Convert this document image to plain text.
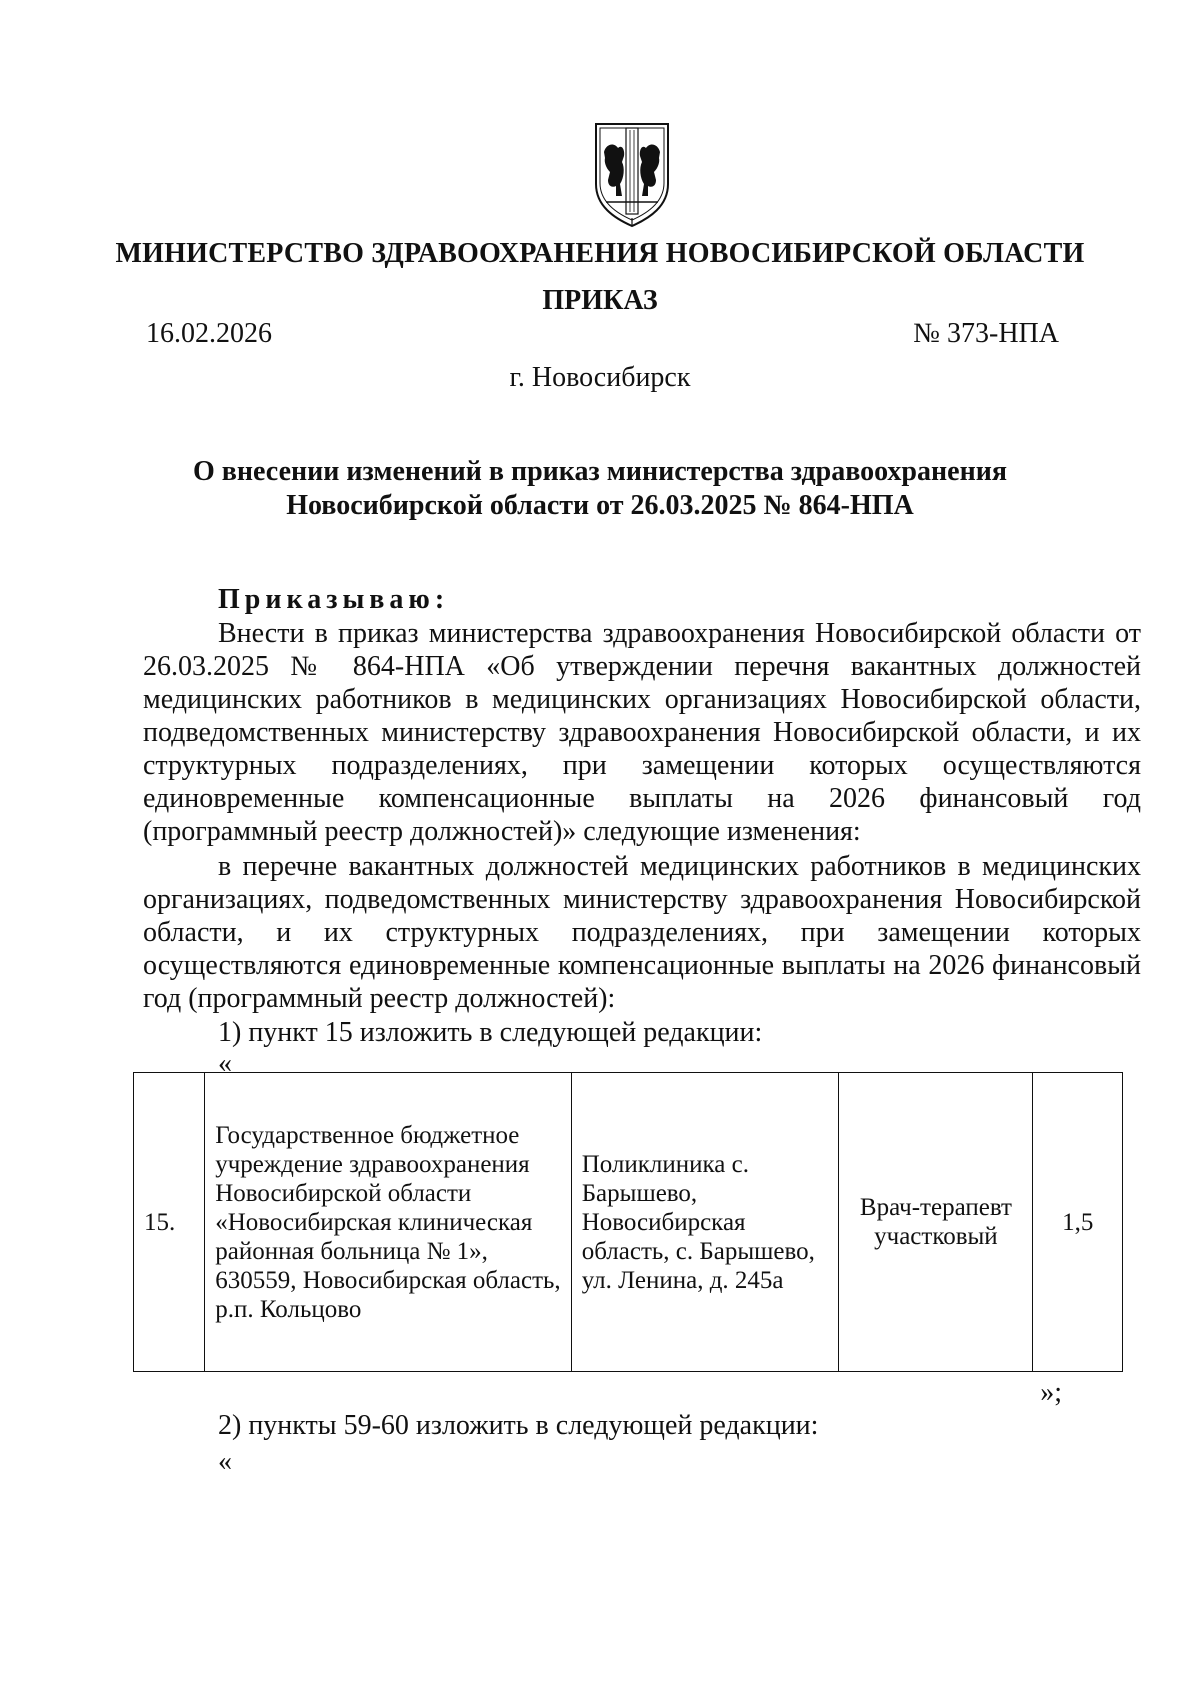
МИНИСТЕРСТВО ЗДРАВООХРАНЕНИЯ НОВОСИБИРСКОЙ ОБЛАСТИ
ПРИКАЗ
16.02.2026	№ 373-НПА
г. Новосибирск
О внесении изменений в приказ министерства здравоохранения
Новосибирской области от 26.03.2025 № 864-НПА
Приказываю:

Внести в приказ министерства здравоохранения Новосибирской области от 26.03.2025 № 864-НПА «Об утверждении перечня вакантных должностей медицинских работников в медицинских организациях Новосибирской области, подведомственных министерству здравоохранения Новосибирской области, и их структурных подразделениях, при замещении которых осуществляются единовременные компенсационные выплаты на 2026 финансовый год (программный реестр должностей)» следующие изменения:

в перечне вакантных должностей медицинских работников в медицинских организациях, подведомственных министерству здравоохранения Новосибирской области, и их структурных подразделениях, при замещении которых осуществляются единовременные компенсационные выплаты на 2026 финансовый год (программный реестр должностей):

1) пункт 15 изложить в следующей редакции:

«
15.	Государственное бюджетное учреждение здравоохранения Новосибирской области «Новосибирская клиническая районная больница № 1», 630559, Новосибирская область, р.п. Кольцово	Поликлиника с. Барышево, Новосибирская область, с. Барышево, ул. Ленина, д. 245а	Врач-терапевт участковый	1,5
»;
2) пункты 59-60 изложить в следующей редакции:
«
